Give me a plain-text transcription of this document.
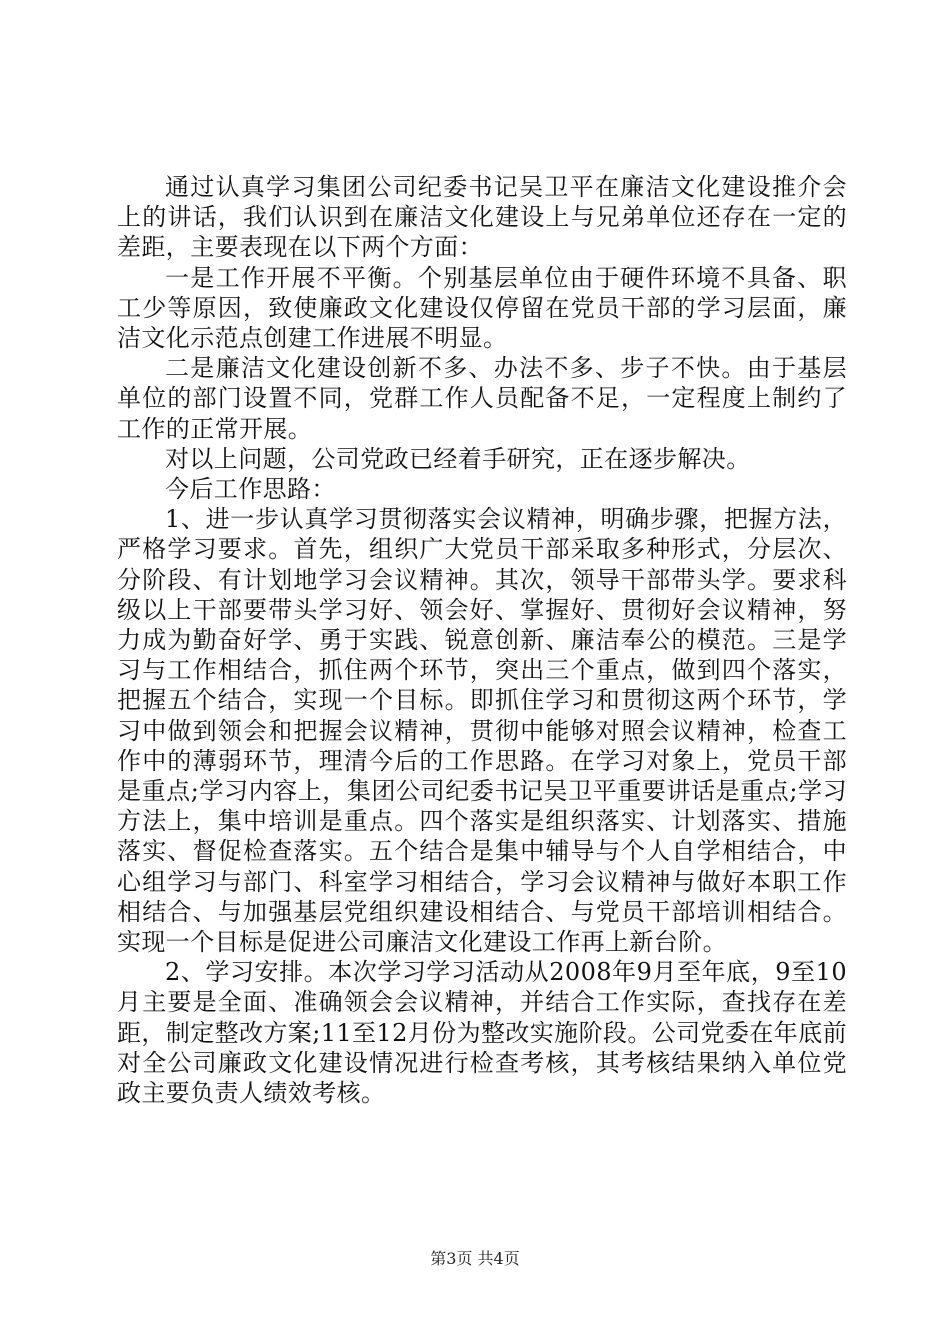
通过认真学习集团公司纪委书记吴卫平在廉洁文化建设推介会上的讲话，我们认识到在廉洁文化建设上与兄弟单位还存在一定的差距，主要表现在以下两个方面：

一是工作开展不平衡。个别基层单位由于硬件环境不具备、职工少等原因，致使廉政文化建设仅停留在党员干部的学习层面，廉洁文化示范点创建工作进展不明显。

二是廉洁文化建设创新不多、办法不多、步子不快。由于基层单位的部门设置不同，党群工作人员配备不足，一定程度上制约了工作的正常开展。

对以上问题，公司党政已经着手研究，正在逐步解决。

今后工作思路：

1、进一步认真学习贯彻落实会议精神，明确步骤，把握方法，严格学习要求。首先，组织广大党员干部采取多种形式，分层次、分阶段、有计划地学习会议精神。其次，领导干部带头学。要求科级以上干部要带头学习好、领会好、掌握好、贯彻好会议精神，努力成为勤奋好学、勇于实践、锐意创新、廉洁奉公的模范。三是学习与工作相结合，抓住两个环节，突出三个重点，做到四个落实，把握五个结合，实现一个目标。即抓住学习和贯彻这两个环节，学习中做到领会和把握会议精神，贯彻中能够对照会议精神，检查工作中的薄弱环节，理清今后的工作思路。在学习对象上，党员干部是重点;学习内容上，集团公司纪委书记吴卫平重要讲话是重点;学习方法上，集中培训是重点。四个落实是组织落实、计划落实、措施落实、督促检查落实。五个结合是集中辅导与个人自学相结合，中心组学习与部门、科室学习相结合，学习会议精神与做好本职工作相结合、与加强基层党组织建设相结合、与党员干部培训相结合。实现一个目标是促进公司廉洁文化建设工作再上新台阶。

2、学习安排。本次学习学习活动从2008年9月至年底，9至10月主要是全面、准确领会会议精神，并结合工作实际，查找存在差距，制定整改方案;11至12月份为整改实施阶段。公司党委在年底前对全公司廉政文化建设情况进行检查考核，其考核结果纳入单位党政主要负责人绩效考核。

第3页 共4页
